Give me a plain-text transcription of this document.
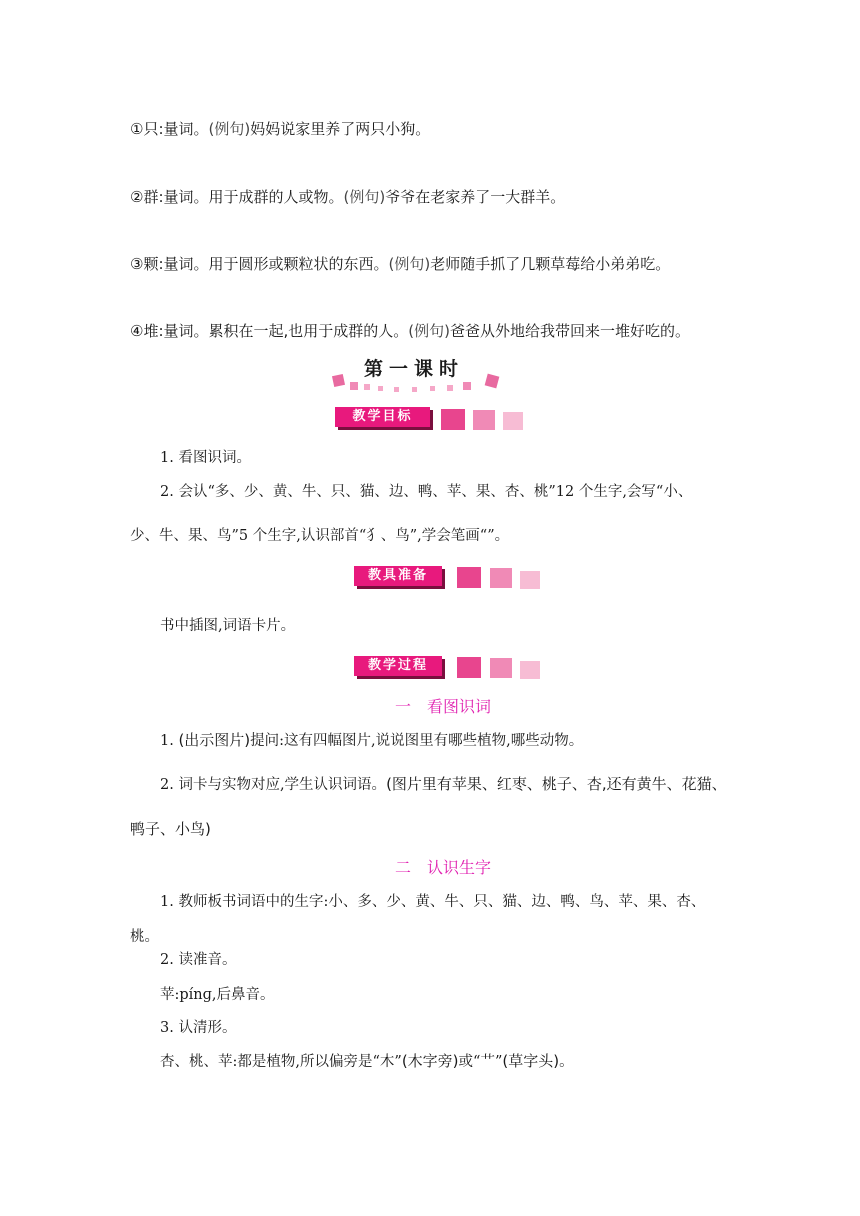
①只:量词。(例句)妈妈说家里养了两只小狗。
②群:量词。用于成群的人或物。(例句)爷爷在老家养了一大群羊。
③颗:量词。用于圆形或颗粒状的东西。(例句)老师随手抓了几颗草莓给小弟弟吃。
④堆:量词。累积在一起,也用于成群的人。(例句)爸爸从外地给我带回来一堆好吃的。
第一课时
教学目标
1. 看图识词。
2. 会认“多、少、黄、牛、只、猫、边、鸭、苹、果、杏、桃”12 个生字,会写“小、
少、牛、果、鸟”5 个生字,认识部首“犭、鸟”,学会笔画“”。
教具准备
书中插图,词语卡片。
教学过程
一　看图识词
1. (出示图片)提问:这有四幅图片,说说图里有哪些植物,哪些动物。
2. 词卡与实物对应,学生认识词语。(图片里有苹果、红枣、桃子、杏,还有黄牛、花猫、
鸭子、小鸟)
二　认识生字
1. 教师板书词语中的生字:小、多、少、黄、牛、只、猫、边、鸭、鸟、苹、果、杏、
桃。
2. 读准音。
苹:pínɡ,后鼻音。
3. 认清形。
杏、桃、苹:都是植物,所以偏旁是“木”(木字旁)或“艹”(草字头)。
